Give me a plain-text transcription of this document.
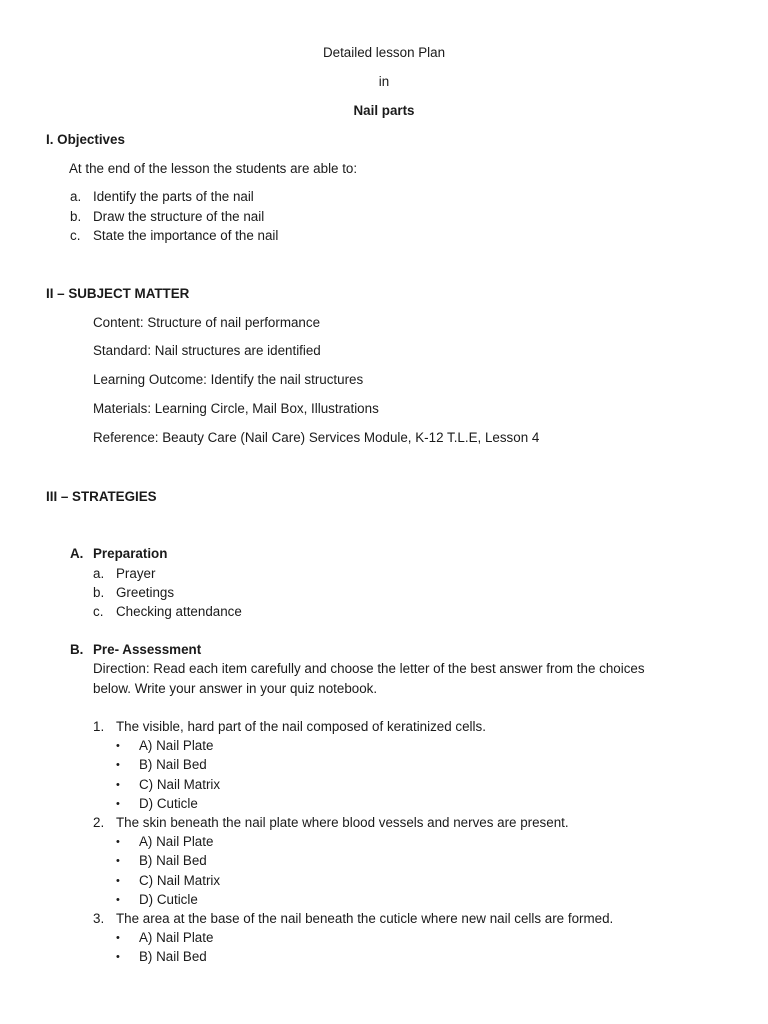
Detailed lesson Plan
in
Nail parts
I. Objectives
At the end of the lesson the students are able to:
a. Identify the parts of the nail
b. Draw the structure of the nail
c. State the importance of the nail
II – SUBJECT MATTER
Content: Structure of nail performance
Standard: Nail structures are identified
Learning Outcome: Identify the nail structures
Materials: Learning Circle, Mail Box, Illustrations
Reference: Beauty Care (Nail Care) Services Module, K-12 T.L.E, Lesson 4
III – STRATEGIES
A. Preparation
a. Prayer
b. Greetings
c. Checking attendance
B. Pre- Assessment
Direction: Read each item carefully and choose the letter of the best answer from the choices
below. Write your answer in your quiz notebook.
1. The visible, hard part of the nail composed of keratinized cells.
• A) Nail Plate
• B) Nail Bed
• C) Nail Matrix
• D) Cuticle
2. The skin beneath the nail plate where blood vessels and nerves are present.
• A) Nail Plate
• B) Nail Bed
• C) Nail Matrix
• D) Cuticle
3. The area at the base of the nail beneath the cuticle where new nail cells are formed.
• A) Nail Plate
• B) Nail Bed
